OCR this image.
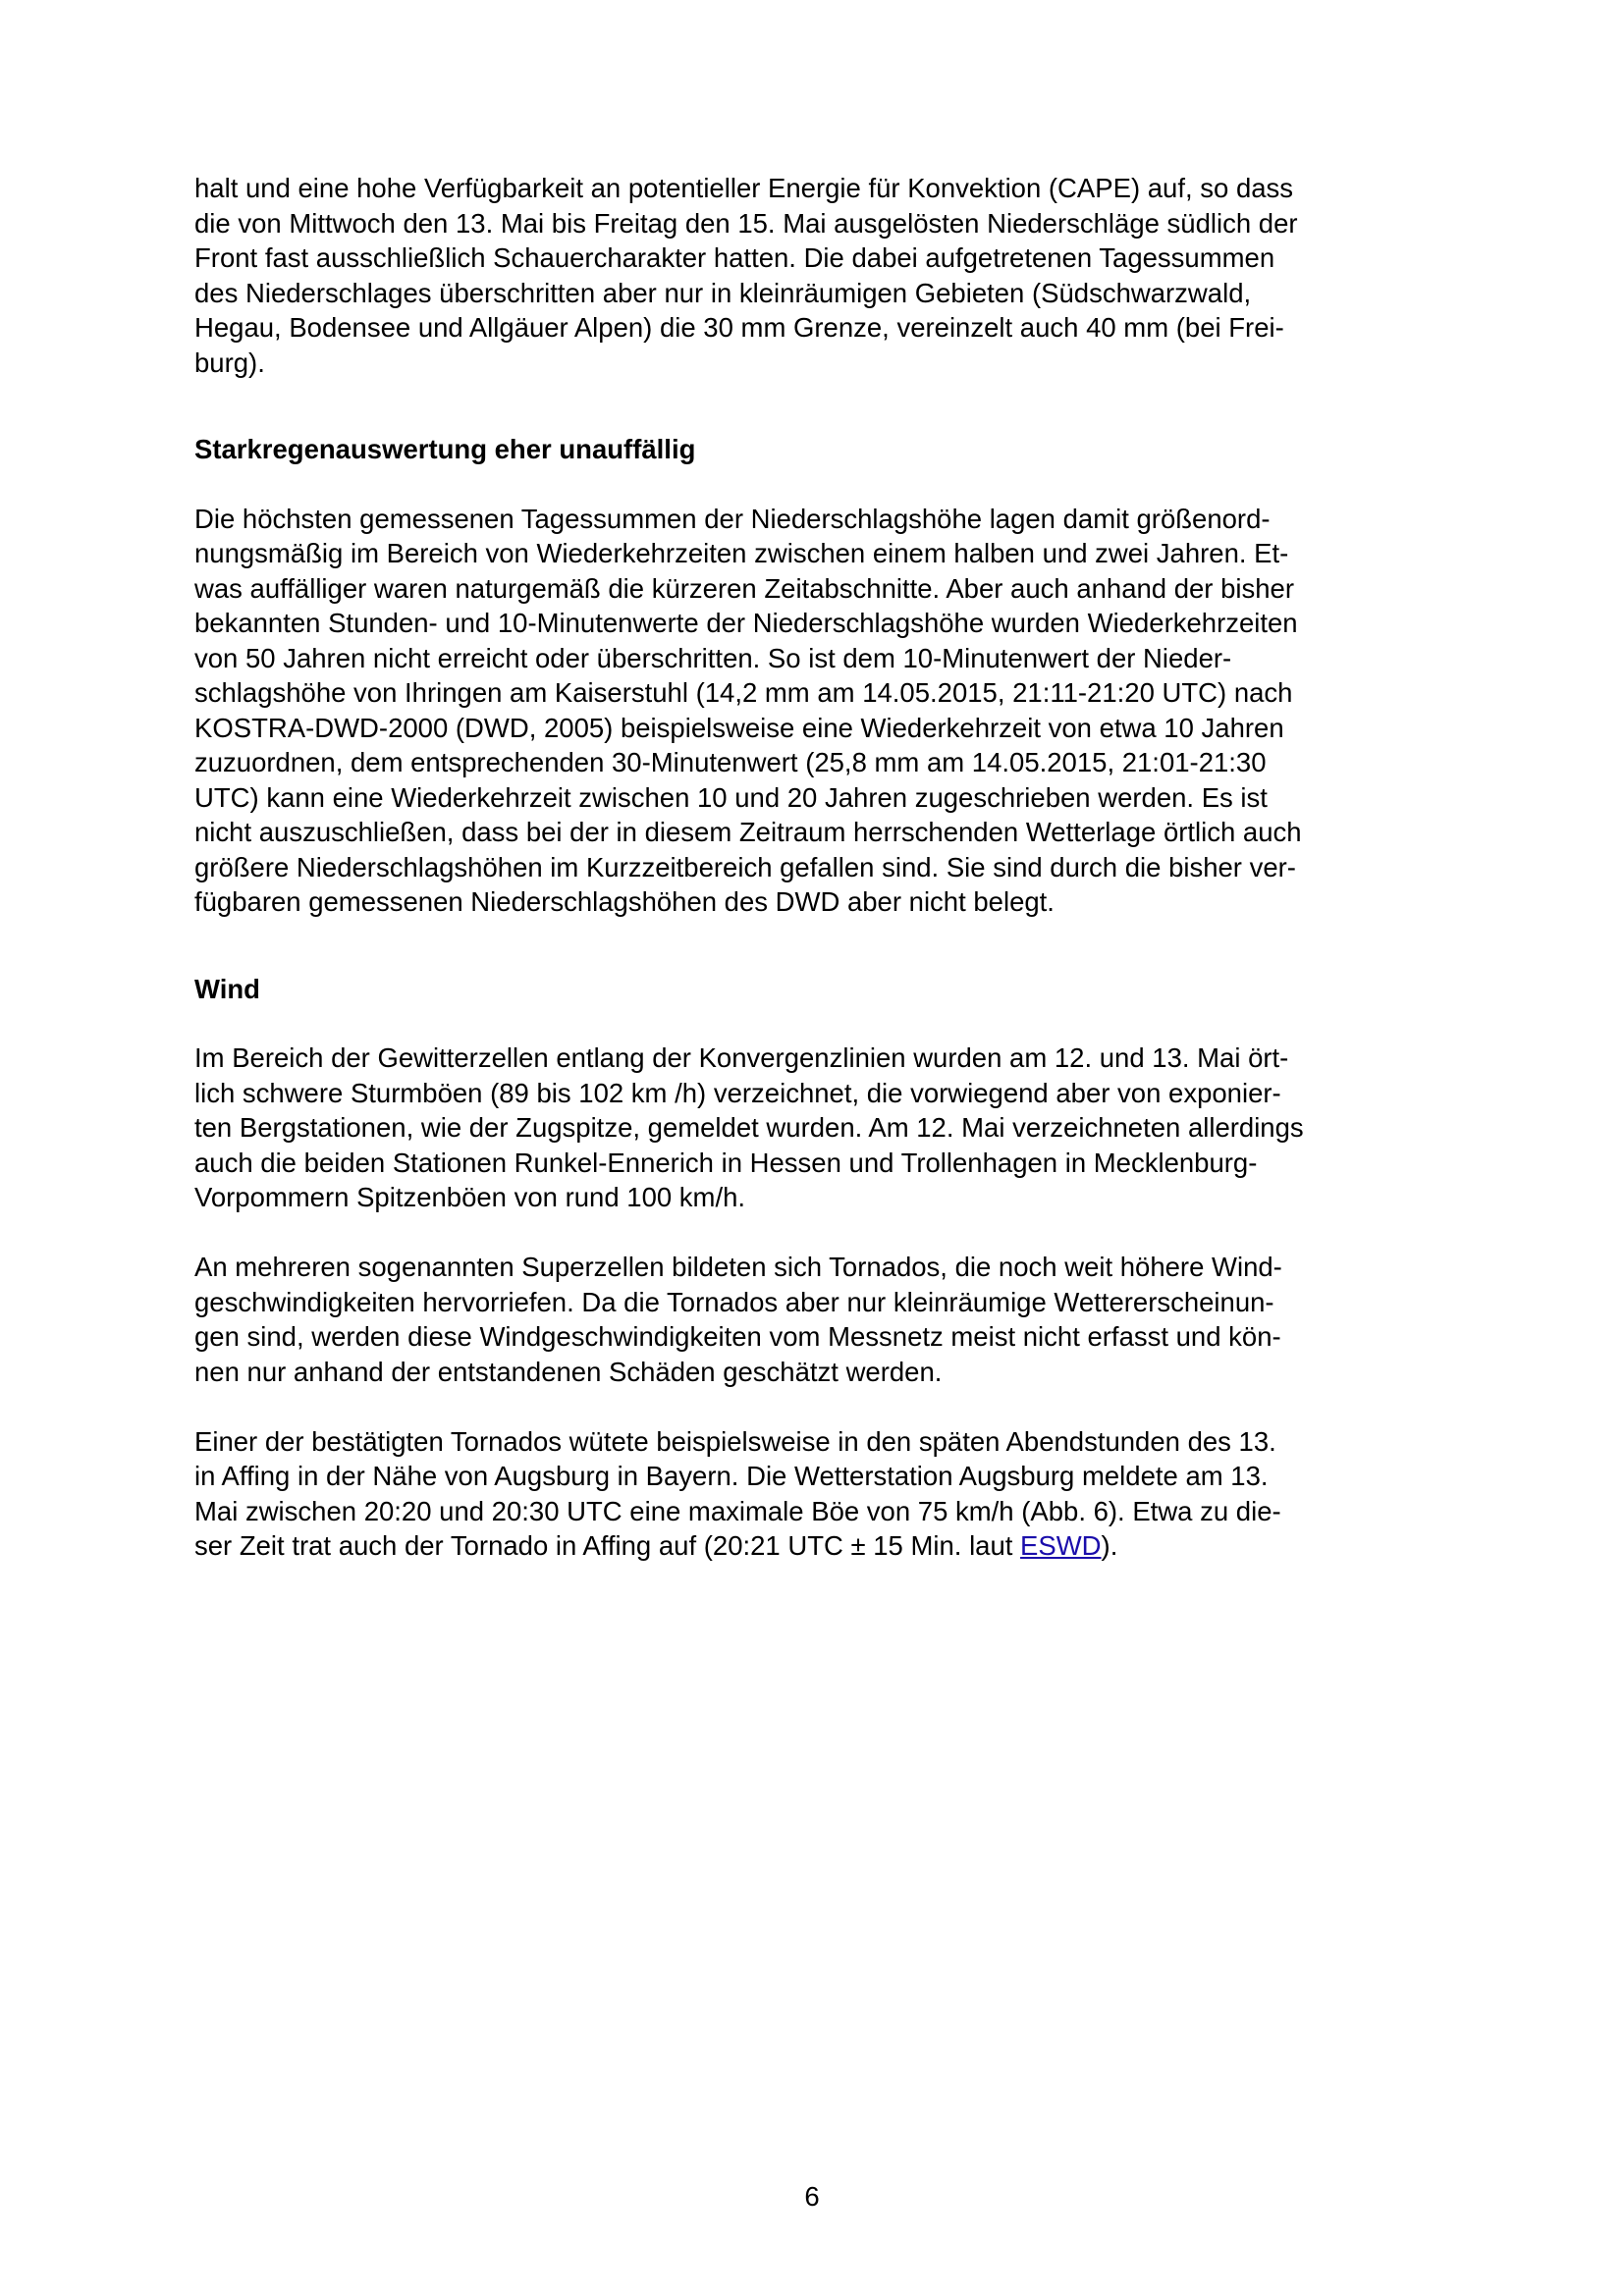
halt und eine hohe Verfügbarkeit an potentieller Energie für Konvektion (CAPE) auf, so dass
die von Mittwoch den 13. Mai bis Freitag den 15. Mai ausgelösten Niederschläge südlich der
Front fast ausschließlich Schauercharakter hatten. Die dabei aufgetretenen Tagessummen
des Niederschlages überschritten aber nur in kleinräumigen Gebieten (Südschwarzwald,
Hegau, Bodensee und Allgäuer Alpen) die 30 mm Grenze, vereinzelt auch 40 mm (bei Frei-
burg).
Starkregenauswertung eher unauffällig
Die höchsten gemessenen Tagessummen der Niederschlagshöhe lagen damit größenord-
nungsmäßig im Bereich von Wiederkehrzeiten zwischen einem halben und zwei Jahren. Et-
was auffälliger waren naturgemäß die kürzeren Zeitabschnitte. Aber auch anhand der bisher
bekannten Stunden- und 10-Minutenwerte der Niederschlagshöhe wurden Wiederkehrzeiten
von 50 Jahren nicht erreicht oder überschritten. So ist dem 10-Minutenwert der Nieder-
schlagshöhe von Ihringen am Kaiserstuhl (14,2 mm am 14.05.2015, 21:11-21:20 UTC) nach
KOSTRA-DWD-2000 (DWD, 2005) beispielsweise eine Wiederkehrzeit von etwa 10 Jahren
zuzuordnen, dem entsprechenden 30-Minutenwert (25,8 mm am 14.05.2015, 21:01-21:30
UTC) kann eine Wiederkehrzeit zwischen 10 und 20 Jahren zugeschrieben werden. Es ist
nicht auszuschließen, dass bei der in diesem Zeitraum herrschenden Wetterlage örtlich auch
größere Niederschlagshöhen im Kurzzeitbereich gefallen sind. Sie sind durch die bisher ver-
fügbaren gemessenen Niederschlagshöhen des DWD aber nicht belegt.
Wind
Im Bereich der Gewitterzellen entlang der Konvergenzlinien wurden am 12. und 13. Mai ört-
lich schwere Sturmböen (89 bis 102 km /h) verzeichnet, die vorwiegend aber von exponier-
ten Bergstationen, wie der Zugspitze, gemeldet wurden. Am 12. Mai verzeichneten allerdings
auch die beiden Stationen Runkel-Ennerich in Hessen und Trollenhagen in Mecklenburg-
Vorpommern Spitzenböen von rund 100 km/h.
An mehreren sogenannten Superzellen bildeten sich Tornados, die noch weit höhere Wind-
geschwindigkeiten hervorriefen. Da die Tornados aber nur kleinräumige Wettererscheinun-
gen sind, werden diese Windgeschwindigkeiten vom Messnetz meist nicht erfasst und kön-
nen nur anhand der entstandenen Schäden geschätzt werden.
Einer der bestätigten Tornados wütete beispielsweise in den späten Abendstunden des 13.
in Affing in der Nähe von Augsburg in Bayern. Die Wetterstation Augsburg meldete am 13.
Mai zwischen 20:20 und 20:30 UTC eine maximale Böe von 75 km/h (Abb. 6). Etwa zu die-
ser Zeit trat auch der Tornado in Affing auf (20:21 UTC ± 15 Min. laut ESWD).
6
